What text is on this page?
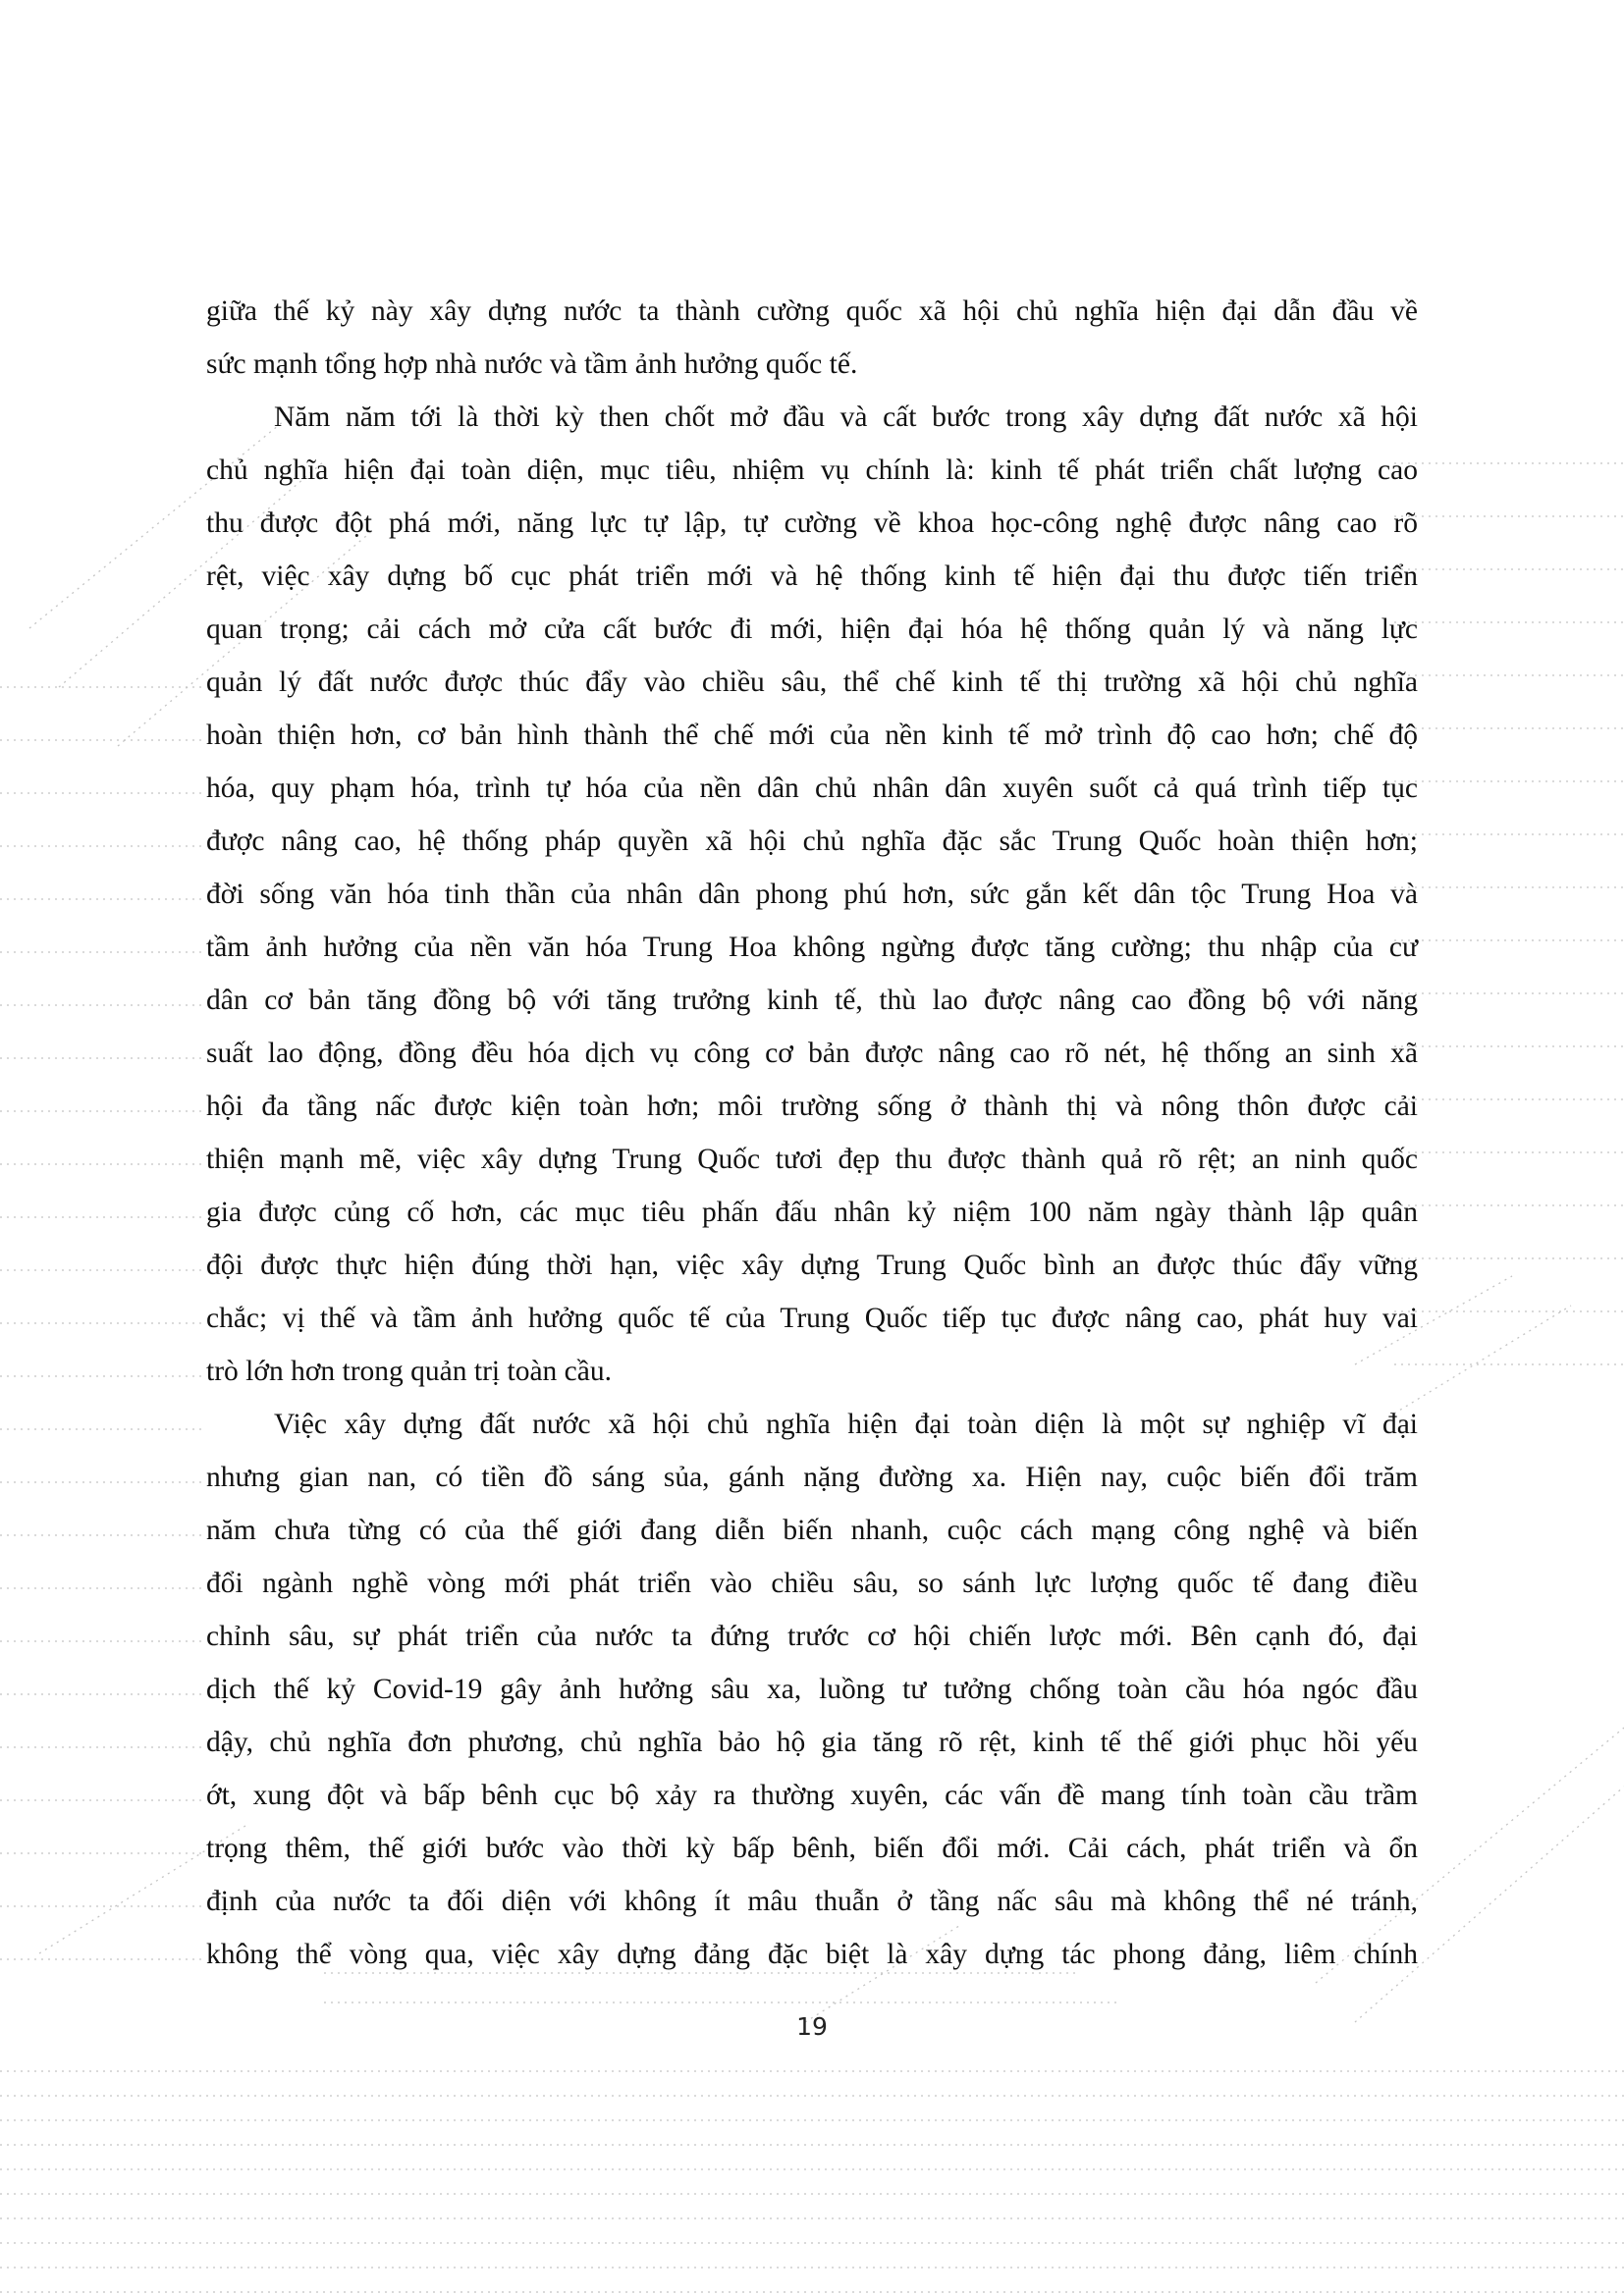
giữa thế kỷ này xây dựng nước ta thành cường quốc xã hội chủ nghĩa hiện đại dẫn đầu về
sức mạnh tổng hợp nhà nước và tầm ảnh hưởng quốc tế.
Năm năm tới là thời kỳ then chốt mở đầu và cất bước trong xây dựng đất nước xã hội
chủ nghĩa hiện đại toàn diện, mục tiêu, nhiệm vụ chính là: kinh tế phát triển chất lượng cao
thu được đột phá mới, năng lực tự lập, tự cường về khoa học-công nghệ được nâng cao rõ
rệt, việc xây dựng bố cục phát triển mới và hệ thống kinh tế hiện đại thu được tiến triển
quan trọng; cải cách mở cửa cất bước đi mới, hiện đại hóa hệ thống quản lý và năng lực
quản lý đất nước được thúc đẩy vào chiều sâu, thể chế kinh tế thị trường xã hội chủ nghĩa
hoàn thiện hơn, cơ bản hình thành thể chế mới của nền kinh tế mở trình độ cao hơn; chế độ
hóa, quy phạm hóa, trình tự hóa của nền dân chủ nhân dân xuyên suốt cả quá trình tiếp tục
được nâng cao, hệ thống pháp quyền xã hội chủ nghĩa đặc sắc Trung Quốc hoàn thiện hơn;
đời sống văn hóa tinh thần của nhân dân phong phú hơn, sức gắn kết dân tộc Trung Hoa và
tầm ảnh hưởng của nền văn hóa Trung Hoa không ngừng được tăng cường; thu nhập của cư
dân cơ bản tăng đồng bộ với tăng trưởng kinh tế, thù lao được nâng cao đồng bộ với năng
suất lao động, đồng đều hóa dịch vụ công cơ bản được nâng cao rõ nét, hệ thống an sinh xã
hội đa tầng nấc được kiện toàn hơn; môi trường sống ở thành thị và nông thôn được cải
thiện mạnh mẽ, việc xây dựng Trung Quốc tươi đẹp thu được thành quả rõ rệt; an ninh quốc
gia được củng cố hơn, các mục tiêu phấn đấu nhân kỷ niệm 100 năm ngày thành lập quân
đội được thực hiện đúng thời hạn, việc xây dựng Trung Quốc bình an được thúc đẩy vững
chắc; vị thế và tầm ảnh hưởng quốc tế của Trung Quốc tiếp tục được nâng cao, phát huy vai
trò lớn hơn trong quản trị toàn cầu.
Việc xây dựng đất nước xã hội chủ nghĩa hiện đại toàn diện là một sự nghiệp vĩ đại
nhưng gian nan, có tiền đồ sáng sủa, gánh nặng đường xa. Hiện nay, cuộc biến đổi trăm
năm chưa từng có của thế giới đang diễn biến nhanh, cuộc cách mạng công nghệ và biến
đổi ngành nghề vòng mới phát triển vào chiều sâu, so sánh lực lượng quốc tế đang điều
chỉnh sâu, sự phát triển của nước ta đứng trước cơ hội chiến lược mới. Bên cạnh đó, đại
dịch thế kỷ Covid-19 gây ảnh hưởng sâu xa, luồng tư tưởng chống toàn cầu hóa ngóc đầu
dậy, chủ nghĩa đơn phương, chủ nghĩa bảo hộ gia tăng rõ rệt, kinh tế thế giới phục hồi yếu
ớt, xung đột và bấp bênh cục bộ xảy ra thường xuyên, các vấn đề mang tính toàn cầu trầm
trọng thêm, thế giới bước vào thời kỳ bấp bênh, biến đổi mới. Cải cách, phát triển và ổn
định của nước ta đối diện với không ít mâu thuẫn ở tầng nấc sâu mà không thể né tránh,
không thể vòng qua, việc xây dựng đảng đặc biệt là xây dựng tác phong đảng, liêm chính
19
